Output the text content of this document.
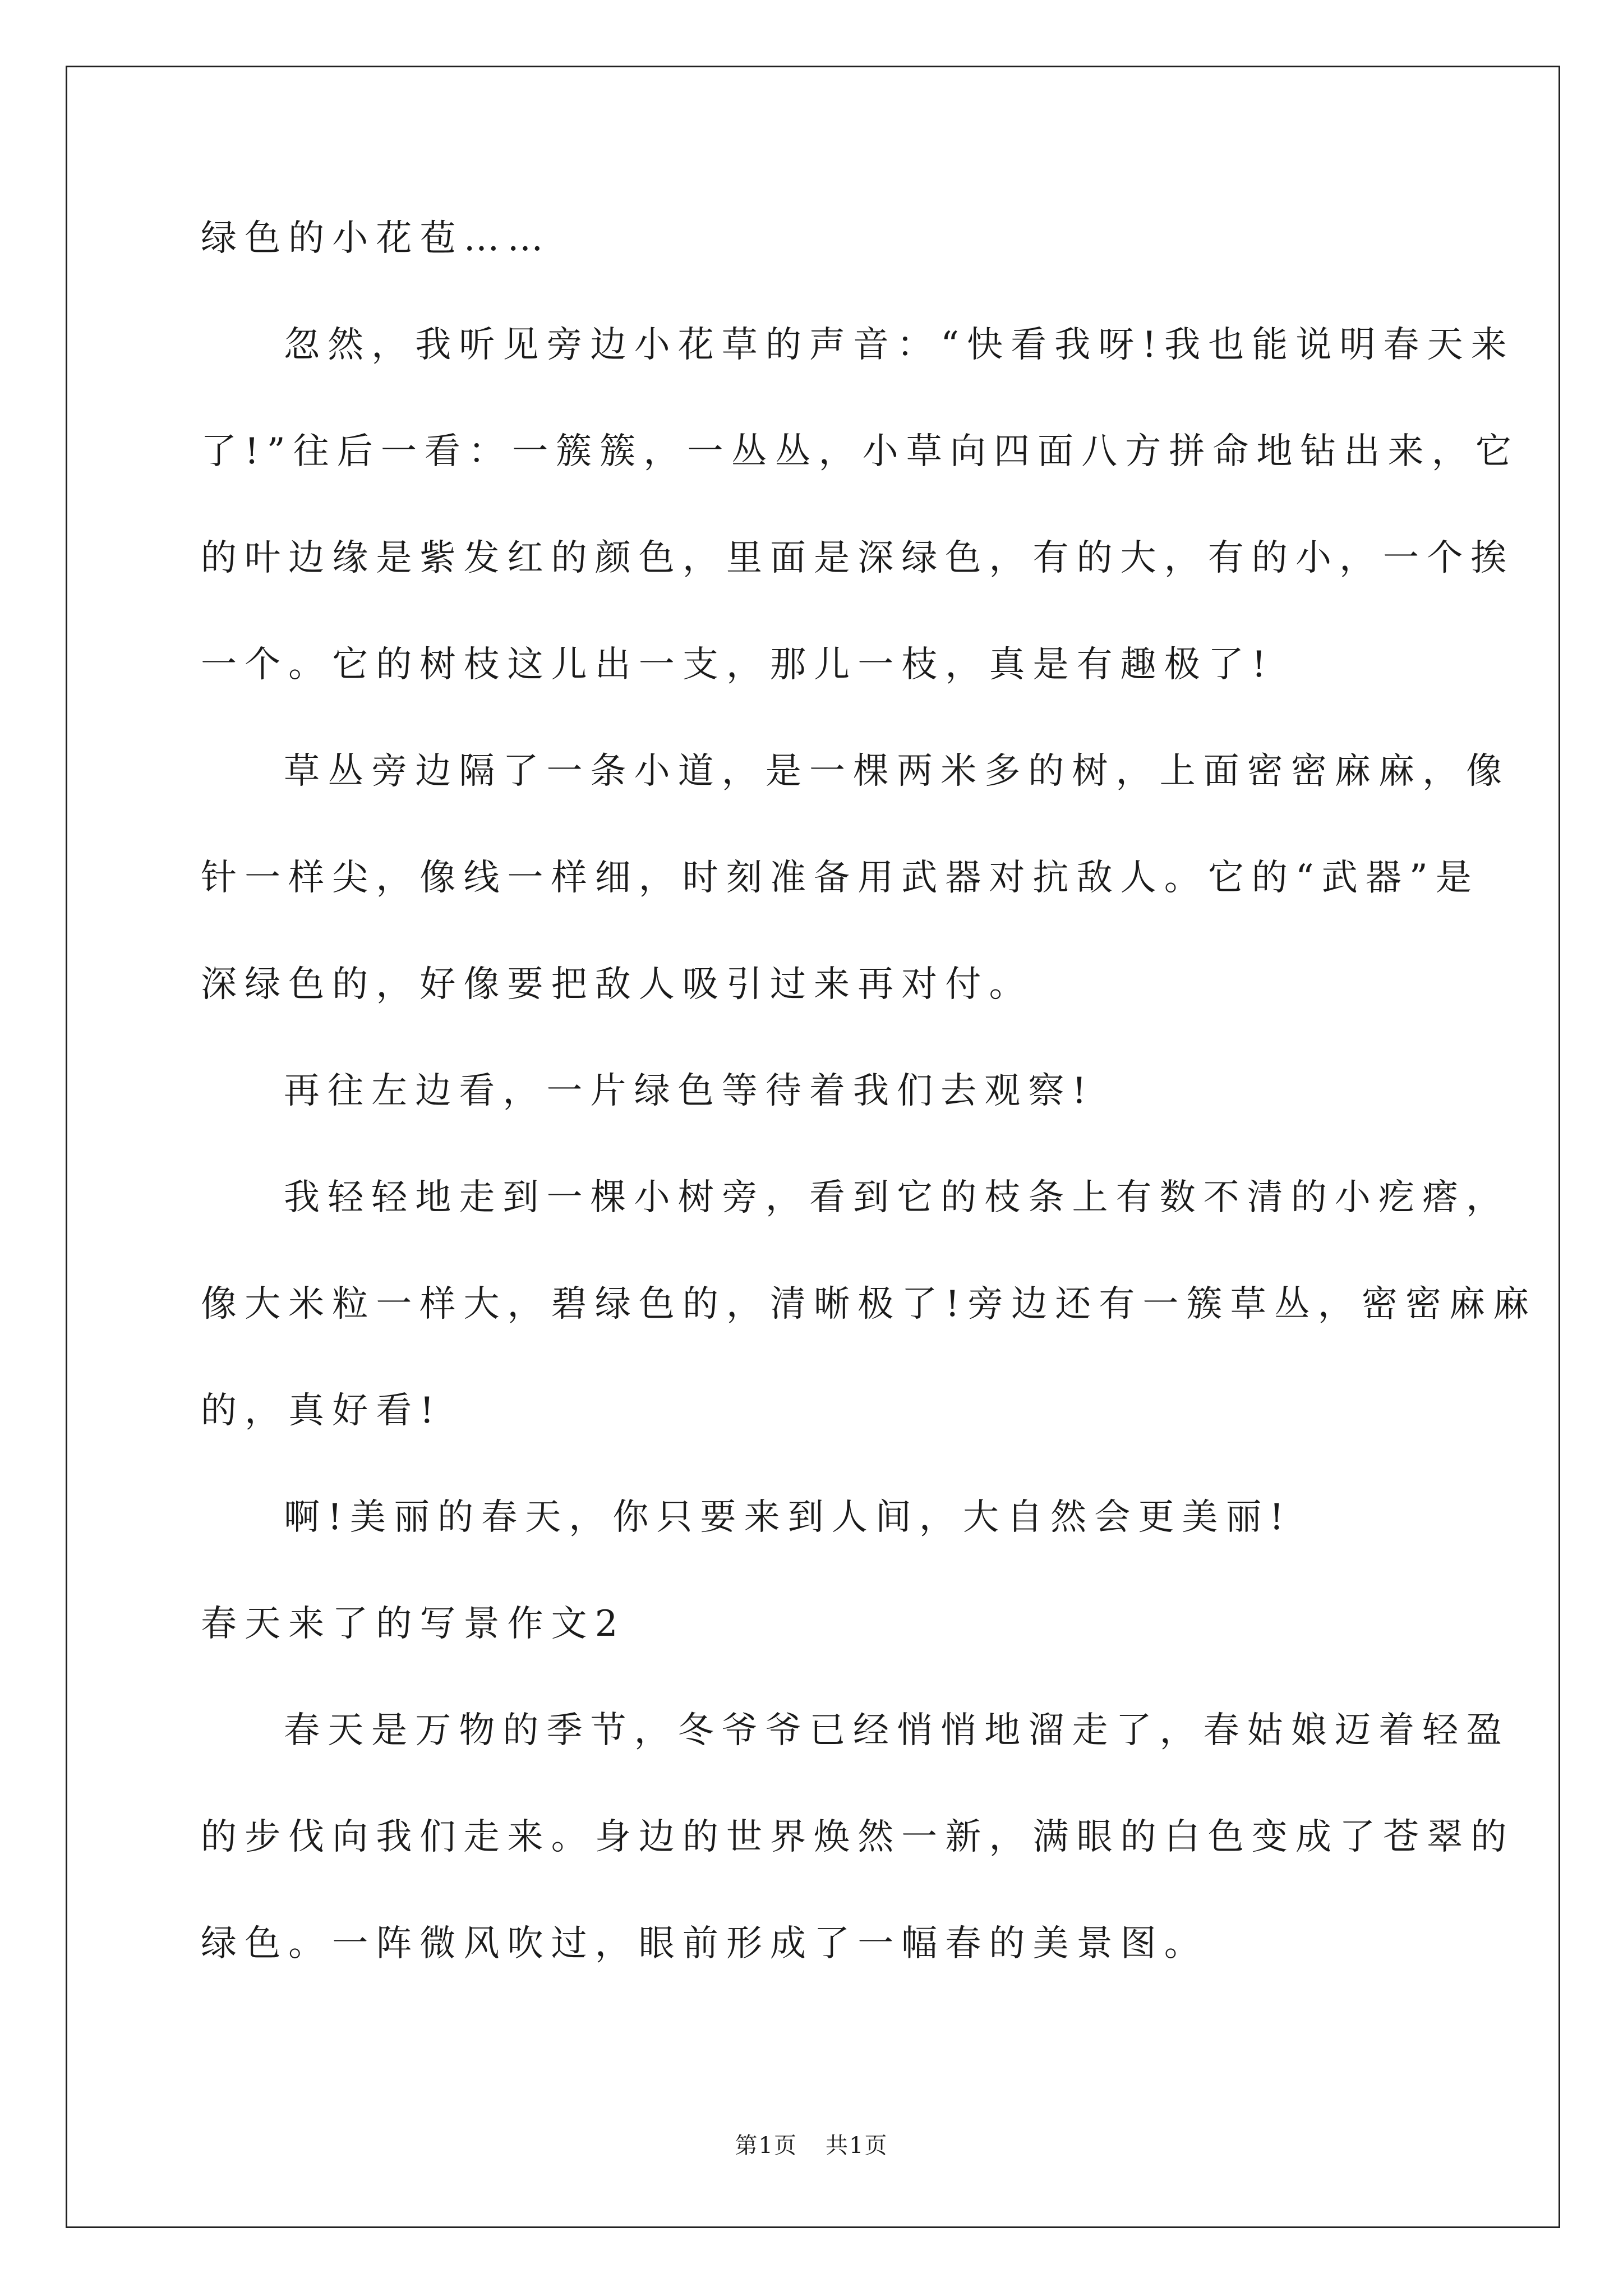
绿色的小花苞……
忽然，我听见旁边小花草的声音：“快看我呀!我也能说明春天来
了!”往后一看：一簇簇，一丛丛，小草向四面八方拼命地钻出来，它
的叶边缘是紫发红的颜色，里面是深绿色，有的大，有的小，一个挨
一个。它的树枝这儿出一支，那儿一枝，真是有趣极了!
草丛旁边隔了一条小道，是一棵两米多的树，上面密密麻麻，像
针一样尖，像线一样细，时刻准备用武器对抗敌人。它的“武器”是
深绿色的，好像要把敌人吸引过来再对付。
再往左边看，一片绿色等待着我们去观察!
我轻轻地走到一棵小树旁，看到它的枝条上有数不清的小疙瘩，
像大米粒一样大，碧绿色的，清晰极了!旁边还有一簇草丛，密密麻麻
的，真好看!
啊!美丽的春天，你只要来到人间，大自然会更美丽!
春天来了的写景作文2
春天是万物的季节，冬爷爷已经悄悄地溜走了，春姑娘迈着轻盈
的步伐向我们走来。身边的世界焕然一新，满眼的白色变成了苍翠的
绿色。一阵微风吹过，眼前形成了一幅春的美景图。
第1页 共1页
